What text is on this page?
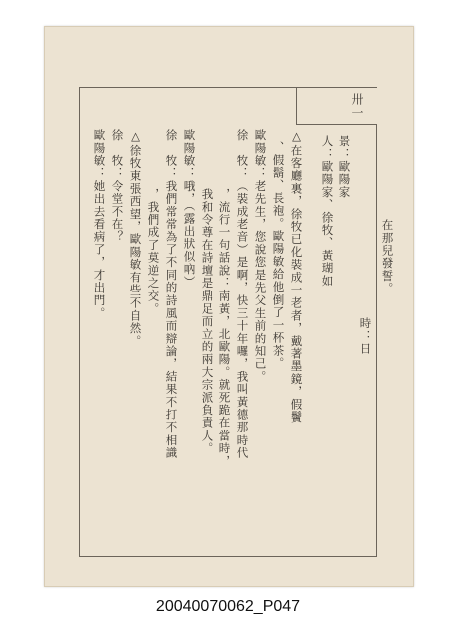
卅一
在那兒發誓。
時：日
景：歐陽家
人：歐陽家、徐牧、黃瑚如
△在客廳裏，徐牧已化裝成一老者，戴著墨鏡，假鬢
、假鬍、長袍。歐陽敏給他倒了一杯茶。
歐陽敏：老先生，您說您是先父生前的知己。
徐　牧：（裝成老音）是啊，快三十年囉，我叫黃德那時代
，流行一句話說：南黃，北歐陽。就死跪在當時，
我和令尊在詩壇是鼎足而立的兩大宗派負責人。
歐陽敏：哦，（露出狀似吶）
徐　牧：我們常常為了不同的詩風而辯論，結果不打不相識
，我們成了莫逆之交。
△徐牧東張西望，歐陽敏有些不自然。
徐　牧：令堂不在？
歐陽敏：她出去看病了，才出門。
20040070062_P047
